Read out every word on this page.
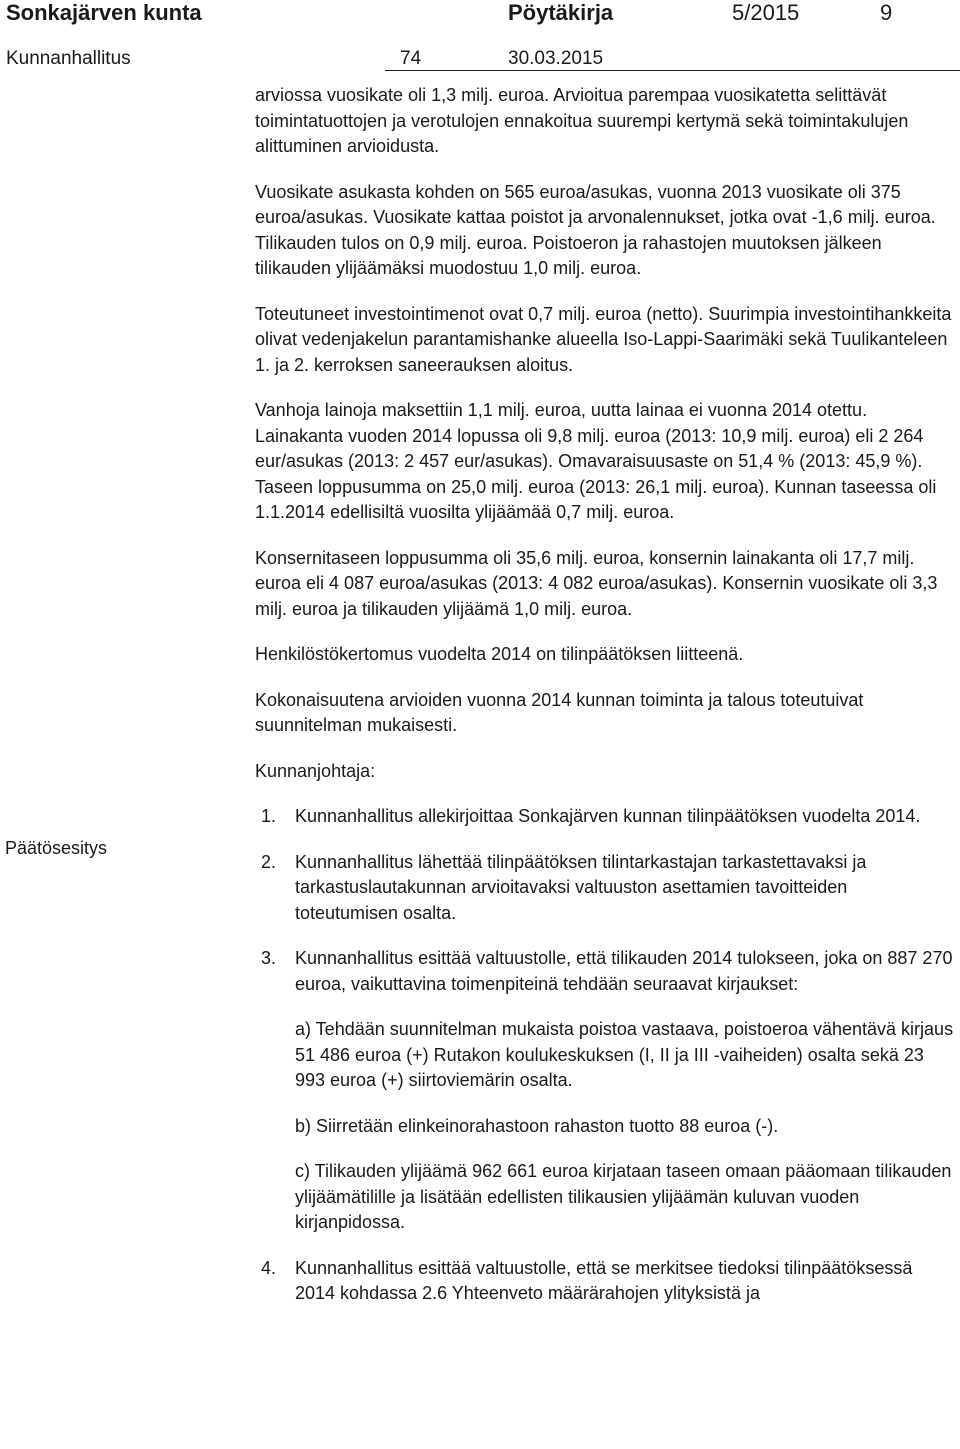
Sonkajärven kunta	Pöytäkirja	5/2015	9
Kunnanhallitus	74	30.03.2015
Päätösesitys

arviossa vuosikate oli 1,3 milj. euroa. Arvioitua parempaa vuosikatetta selittävät toimintatuottojen ja verotulojen ennakoitua suurempi kertymä sekä toimintakulujen alittuminen arvioidusta.

Vuosikate asukasta kohden on 565 euroa/asukas, vuonna 2013 vuosikate oli 375 euroa/asukas. Vuosikate kattaa poistot ja arvonalennukset, jotka ovat -1,6 milj. euroa. Tilikauden tulos on 0,9 milj. euroa. Poistoeron ja rahastojen muutoksen jälkeen tilikauden ylijäämäksi muodostuu 1,0 milj. euroa.

Toteutuneet investointimenot ovat 0,7 milj. euroa (netto). Suurimpia investointihankkeita olivat vedenjakelun parantamishanke alueella Iso-Lappi-Saarimäki sekä Tuulikanteleen 1. ja 2. kerroksen saneerauksen aloitus.

Vanhoja lainoja maksettiin 1,1 milj. euroa, uutta lainaa ei vuonna 2014 otettu. Lainakanta vuoden 2014 lopussa oli 9,8 milj. euroa (2013: 10,9 milj. euroa) eli 2 264 eur/asukas (2013: 2 457 eur/asukas). Omavaraisuusaste on 51,4 % (2013: 45,9 %). Taseen loppusumma on 25,0 milj. euroa (2013: 26,1 milj. euroa). Kunnan taseessa oli 1.1.2014 edellisiltä vuosilta ylijäämää 0,7 milj. euroa.

Konsernitaseen loppusumma oli 35,6 milj. euroa, konsernin lainakanta oli 17,7 milj. euroa eli 4 087 euroa/asukas (2013: 4 082 euroa/asukas). Konsernin vuosikate oli 3,3 milj. euroa ja tilikauden ylijäämä 1,0 milj. euroa.

Henkilöstökertomus vuodelta 2014 on tilinpäätöksen liitteenä.

Kokonaisuutena arvioiden vuonna 2014 kunnan toiminta ja talous toteutuivat suunnitelman mukaisesti.

Kunnanjohtaja:

1. Kunnanhallitus allekirjoittaa Sonkajärven kunnan tilinpäätöksen vuodelta 2014.

2. Kunnanhallitus lähettää tilinpäätöksen tilintarkastajan tarkastettavaksi ja tarkastuslautakunnan arvioitavaksi valtuuston asettamien tavoitteiden toteutumisen osalta.

3. Kunnanhallitus esittää valtuustolle, että tilikauden 2014 tulokseen, joka on 887 270 euroa, vaikuttavina toimenpiteinä tehdään seuraavat kirjaukset:

a) Tehdään suunnitelman mukaista poistoa vastaava, poistoeroa vähentävä kirjaus 51 486 euroa (+) Rutakon koulukeskuksen (I, II ja III -vaiheiden) osalta sekä 23 993 euroa (+) siirtoviemärin osalta.

b) Siirretään elinkeinorahastoon rahaston tuotto 88 euroa (-).

c) Tilikauden ylijäämä 962 661 euroa kirjataan taseen omaan pääomaan tilikauden ylijäämätilille ja lisätään edellisten tilikausien ylijäämän kuluvan vuoden kirjanpidossa.

4. Kunnanhallitus esittää valtuustolle, että se merkitsee tiedoksi tilinpäätöksessä 2014 kohdassa 2.6 Yhteenveto määrärahojen ylityksistä ja
